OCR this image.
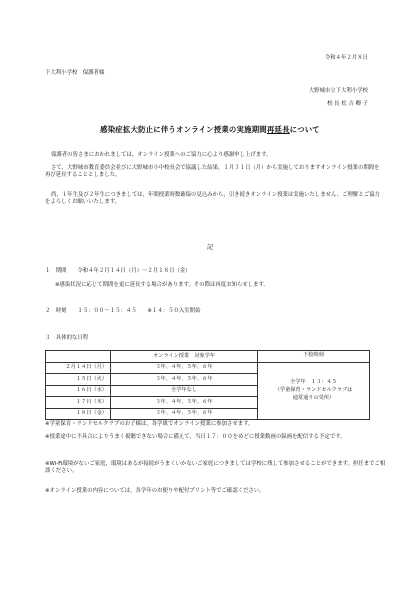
令和４年２月８日
下大利小学校　保護者様
大野城市立下大利小学校
校 長 松 吉 卿 子
感染症拡大防止に伴うオンライン授業の実施期間再延長について
保護者の皆さまにおかれましては，オンライン授業へのご協力に心より感謝申し上げます。
さて，大野城市教育委員会並びに大野城市小中校長会で協議した結果，１月３１日（月）から実施しておりますオンライン授業の期間を再び延長することとしました。
尚，１年生及び２年生につきましては，年間授業時数確保の見込みから，引き続きオンライン授業は実施いたしません。ご理解とご協力をよろしくお願いいたします。
記
１　期間　　令和４年２月１４日（月）～２月１８日（金）
※感染状況に応じて期間を更に延長する場合があります。その際は再度お知らせします。
２　時刻　　１５：００～１５：４５　　※１４：５０入室開始
３　具体的な日程
	オンライン授業　対象学年	下校時刻
２月１４日（月）	３年、４年、５年、６年	全学年　１３：４５
（学童保育・ランドセルクラブは
通常通りの受所）

１５日（火）	３年、４年、５年、６年	
１６日（水）	全学年なし	
１７日（木）	３年、４年、５年、６年	
１８日（金）	３年、４年、５年、６年	
※学童保育・ランドセルクラブのお子様は，各学級でオンライン授業に参加させます。
※授業途中に不具合によりうまく視聴できない場合に備えて，当日１７：００をめどに授業動画の録画を配信する予定です。
※Wi-Fi環境がないご家庭，環境はあるが接続がうまくいかないご家庭につきましては学校に残して参加させることができます。担任までご相談ください。
※オンライン授業の内容については，各学年のお便りや配付プリント等でご確認ください。
